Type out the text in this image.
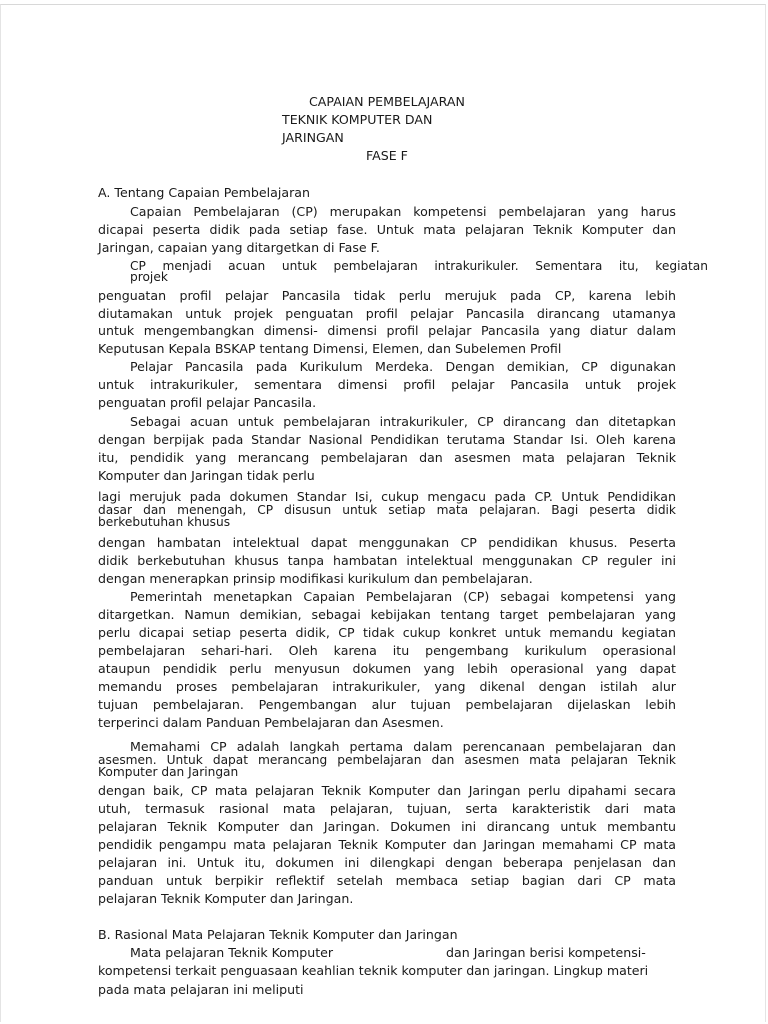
CAPAIAN PEMBELAJARAN
TEKNIK KOMPUTER DAN
JARINGAN
FASE F
A. Tentang Capaian Pembelajaran
Capaian Pembelajaran (CP) merupakan kompetensi pembelajaran yang harus
dicapai peserta didik pada setiap fase. Untuk mata pelajaran Teknik Komputer dan
Jaringan, capaian yang ditargetkan di Fase F.
CP menjadi acuan untuk pembelajaran intrakurikuler. Sementara itu, kegiatan
projek
penguatan profil pelajar Pancasila tidak perlu merujuk pada CP, karena lebih
diutamakan untuk projek penguatan profil pelajar Pancasila dirancang utamanya
untuk mengembangkan dimensi- dimensi profil pelajar Pancasila yang diatur dalam
Keputusan Kepala BSKAP tentang Dimensi, Elemen, dan Subelemen Profil
Pelajar Pancasila pada Kurikulum Merdeka. Dengan demikian, CP digunakan
untuk intrakurikuler, sementara dimensi profil pelajar Pancasila untuk projek
penguatan profil pelajar Pancasila.
Sebagai acuan untuk pembelajaran intrakurikuler, CP dirancang dan ditetapkan
dengan berpijak pada Standar Nasional Pendidikan terutama Standar Isi. Oleh karena
itu, pendidik yang merancang pembelajaran dan asesmen mata pelajaran Teknik
Komputer dan Jaringan tidak perlu
lagi merujuk pada dokumen Standar Isi, cukup mengacu pada CP. Untuk Pendidikan
dasar dan menengah, CP disusun untuk setiap mata pelajaran. Bagi peserta didik
berkebutuhan khusus
dengan hambatan intelektual dapat menggunakan CP pendidikan khusus. Peserta
didik berkebutuhan khusus tanpa hambatan intelektual menggunakan CP reguler ini
dengan menerapkan prinsip modifikasi kurikulum dan pembelajaran.
Pemerintah menetapkan Capaian Pembelajaran (CP) sebagai kompetensi yang
ditargetkan. Namun demikian, sebagai kebijakan tentang target pembelajaran yang
perlu dicapai setiap peserta didik, CP tidak cukup konkret untuk memandu kegiatan
pembelajaran sehari-hari. Oleh karena itu pengembang kurikulum operasional
ataupun pendidik perlu menyusun dokumen yang lebih operasional yang dapat
memandu proses pembelajaran intrakurikuler, yang dikenal dengan istilah alur
tujuan pembelajaran. Pengembangan alur tujuan pembelajaran dijelaskan lebih
terperinci dalam Panduan Pembelajaran dan Asesmen.
Memahami CP adalah langkah pertama dalam perencanaan pembelajaran dan
asesmen. Untuk dapat merancang pembelajaran dan asesmen mata pelajaran Teknik
Komputer dan Jaringan
dengan baik, CP mata pelajaran Teknik Komputer dan Jaringan perlu dipahami secara
utuh, termasuk rasional mata pelajaran, tujuan, serta karakteristik dari mata
pelajaran Teknik Komputer dan Jaringan. Dokumen ini dirancang untuk membantu
pendidik pengampu mata pelajaran Teknik Komputer dan Jaringan memahami CP mata
pelajaran ini. Untuk itu, dokumen ini dilengkapi dengan beberapa penjelasan dan
panduan untuk berpikir reflektif setelah membaca setiap bagian dari CP mata
pelajaran Teknik Komputer dan Jaringan.
B. Rasional Mata Pelajaran Teknik Komputer dan Jaringan
Mata pelajaran Teknik Komputer	dan Jaringan berisi kompetensi-
kompetensi terkait penguasaan keahlian teknik komputer dan jaringan. Lingkup materi
pada mata pelajaran ini meliputi
